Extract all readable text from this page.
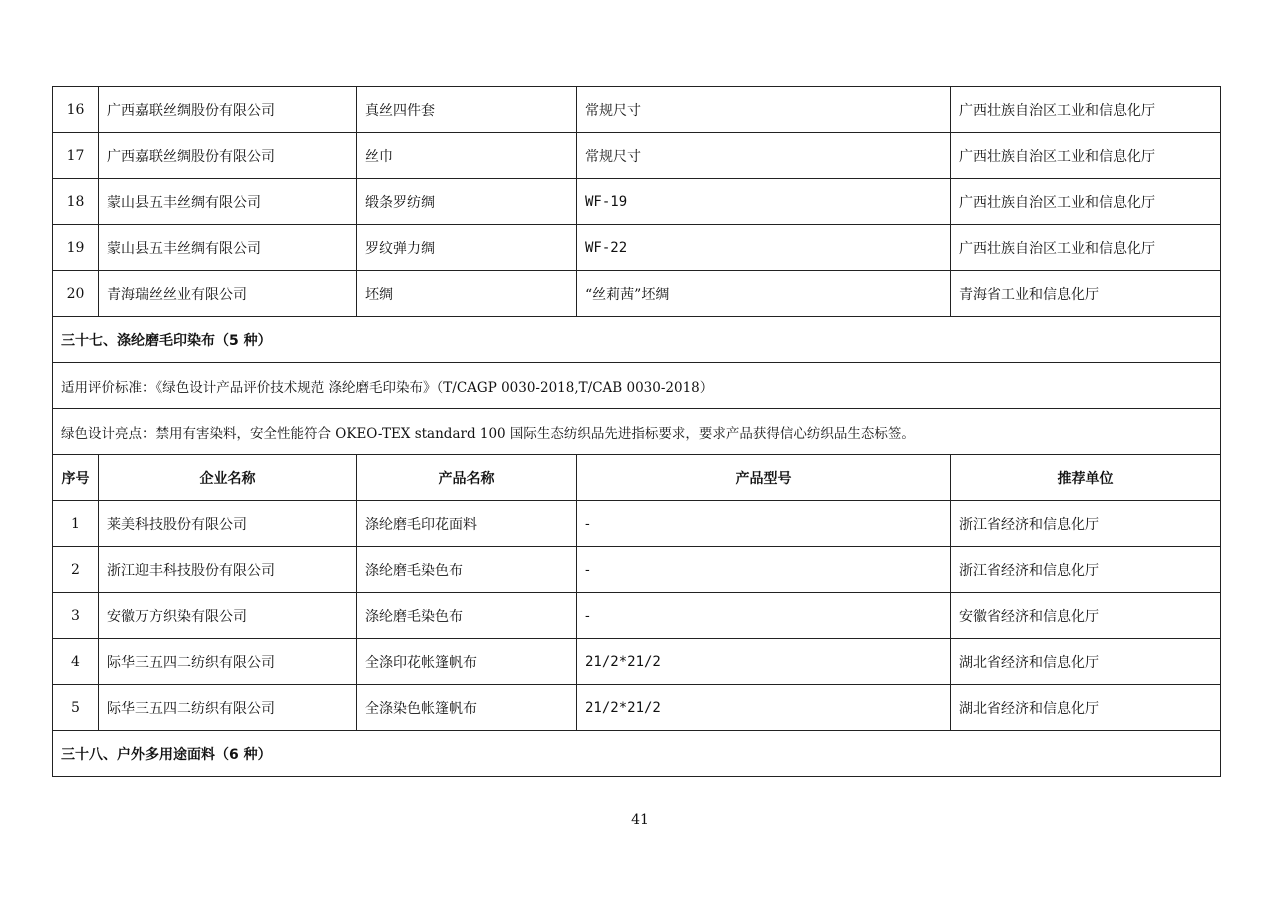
16	广西嘉联丝绸股份有限公司	真丝四件套	常规尺寸	广西壮族自治区工业和信息化厅
17	广西嘉联丝绸股份有限公司	丝巾	常规尺寸	广西壮族自治区工业和信息化厅
18	蒙山县五丰丝绸有限公司	缎条罗纺绸	WF-19	广西壮族自治区工业和信息化厅
19	蒙山县五丰丝绸有限公司	罗纹弹力绸	WF-22	广西壮族自治区工业和信息化厅
20	青海瑞丝丝业有限公司	坯绸	“丝莉茜”坯绸	青海省工业和信息化厅
三十七、涤纶磨毛印染布（5 种）				
适用评价标准：《绿色设计产品评价技术规范 涤纶磨毛印染布》（T/CAGP 0030-2018,T/CAB 0030-2018）				
绿色设计亮点：禁用有害染料，安全性能符合 OKEO-TEX standard 100 国际生态纺织品先进指标要求，要求产品获得信心纺织品生态标签。				
序号	企业名称	产品名称	产品型号	推荐单位
1	莱美科技股份有限公司	涤纶磨毛印花面料	-	浙江省经济和信息化厅
2	浙江迎丰科技股份有限公司	涤纶磨毛染色布	-	浙江省经济和信息化厅
3	安徽万方织染有限公司	涤纶磨毛染色布	-	安徽省经济和信息化厅
4	际华三五四二纺织有限公司	全涤印花帐篷帆布	21/2*21/2	湖北省经济和信息化厅
5	际华三五四二纺织有限公司	全涤染色帐篷帆布	21/2*21/2	湖北省经济和信息化厅
三十八、户外多用途面料（6 种）				
41
